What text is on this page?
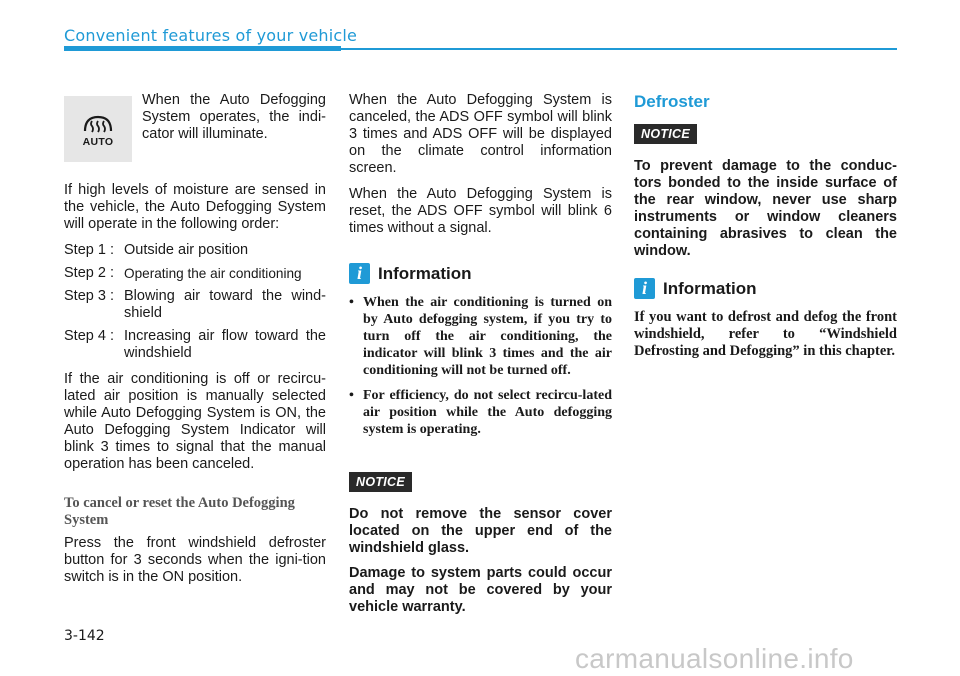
Convenient features of your vehicle
AUTO
When the Auto Defogging System operates, the indi-cator will illuminate.
If high levels of moisture are sensed in the vehicle, the Auto Defogging System will operate in the following order:
Step 1 : Outside air position
Step 2 : Operating the air conditioning
Step 3 : Blowing air toward the wind-shield
Step 4 : Increasing air flow toward the windshield
If the air conditioning is off or recircu-lated air position is manually selected while Auto Defogging System is ON, the Auto Defogging System Indicator will blink 3 times to signal that the manual operation has been canceled.
To cancel or reset the Auto Defogging System
Press the front windshield defroster button for 3 seconds when the igni-tion switch is in the ON position.
When the Auto Defogging System is canceled, the ADS OFF symbol will blink 3 times and ADS OFF will be displayed on the climate control information screen.
When the Auto Defogging System is reset, the ADS OFF symbol will blink 6 times without a signal.
i Information
• When the air conditioning is turned on by Auto defogging system, if you try to turn off the air conditioning, the indicator will blink 3 times and the air conditioning will not be turned off.
• For efficiency, do not select recircu-lated air position while the Auto defogging system is operating.
NOTICE
Do not remove the sensor cover located on the upper end of the windshield glass.
Damage to system parts could occur and may not be covered by your vehicle warranty.
Defroster
NOTICE
To prevent damage to the conduc-tors bonded to the inside surface of the rear window, never use sharp instruments or window cleaners containing abrasives to clean the window.
i Information
If you want to defrost and defog the front windshield, refer to “Windshield Defrosting and Defogging” in this chapter.
3-142
carmanualsonline.info
